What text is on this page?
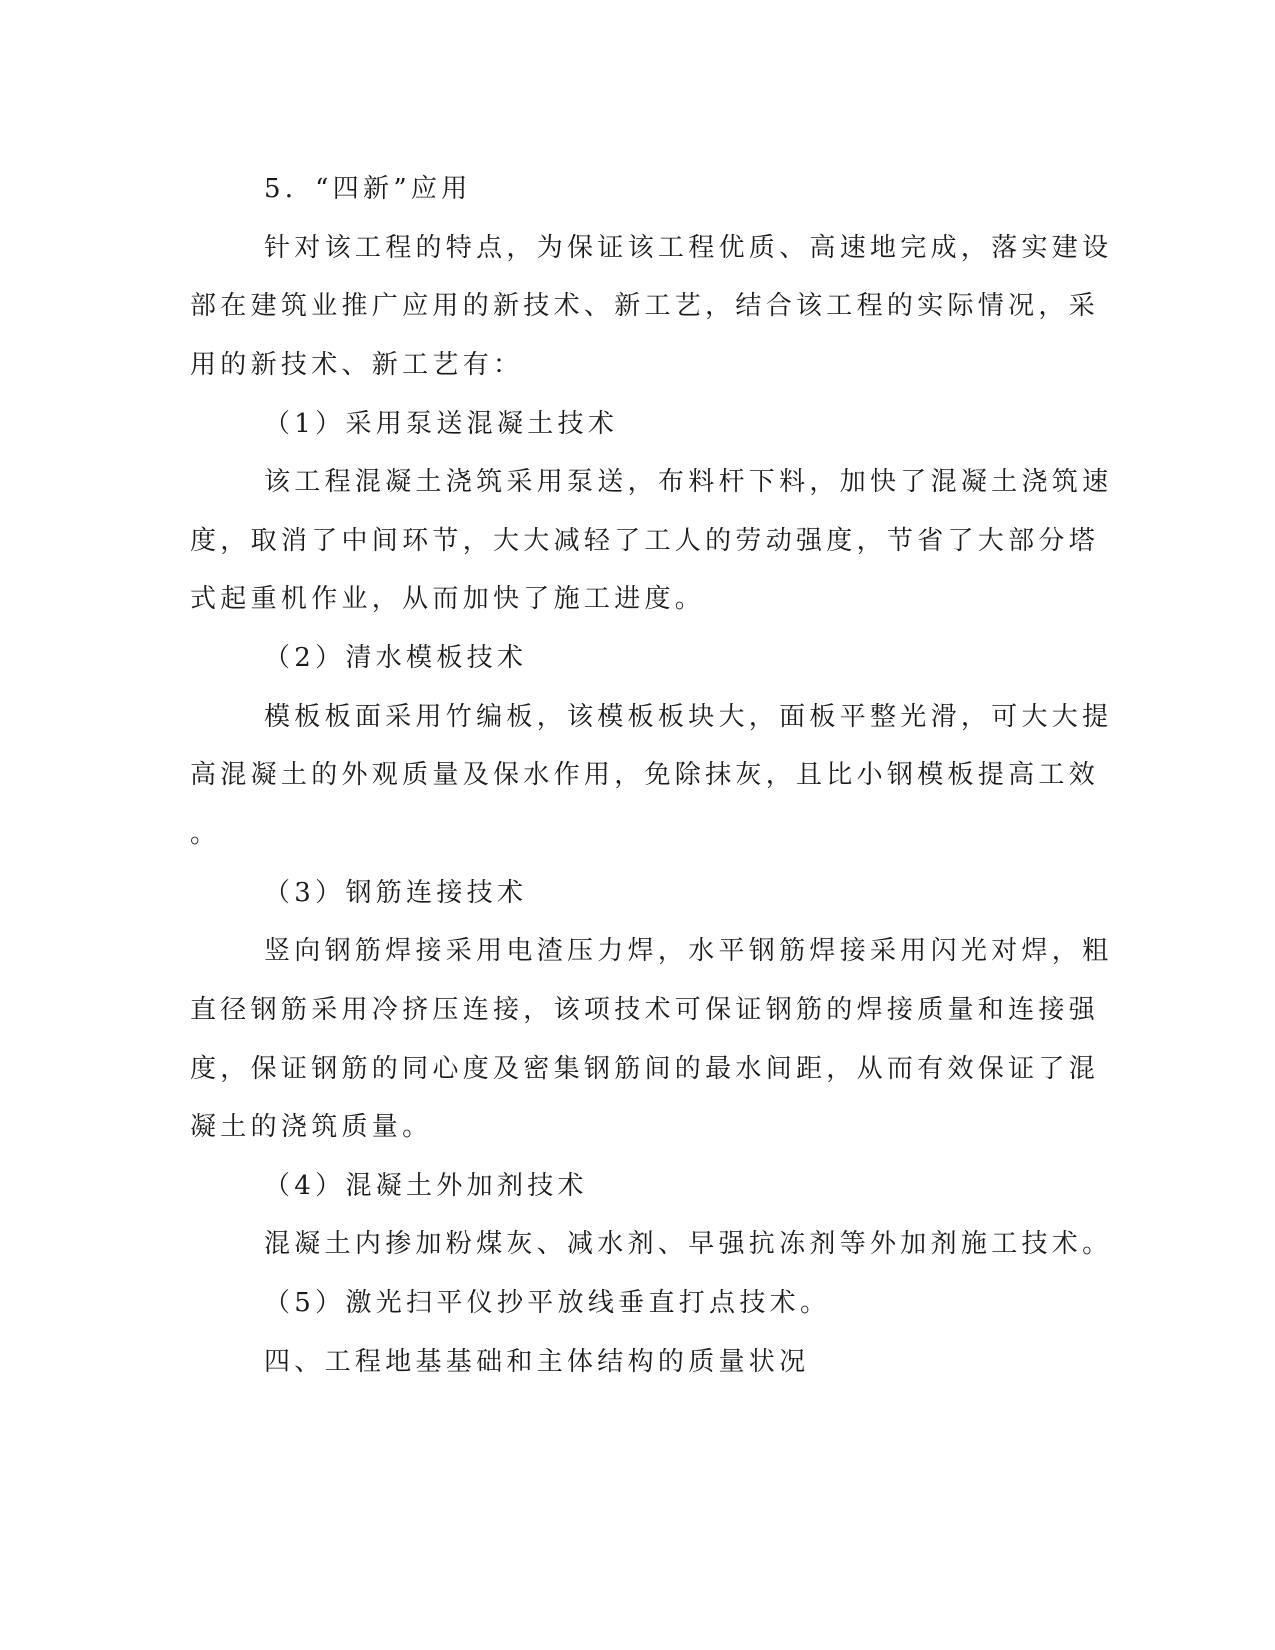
5．“四新”应用
针对该工程的特点，为保证该工程优质、高速地完成，落实建设
部在建筑业推广应用的新技术、新工艺，结合该工程的实际情况，采
用的新技术、新工艺有：
（1）采用泵送混凝土技术
该工程混凝土浇筑采用泵送，布料杆下料，加快了混凝土浇筑速
度，取消了中间环节，大大减轻了工人的劳动强度，节省了大部分塔
式起重机作业，从而加快了施工进度。
（2）清水模板技术
模板板面采用竹编板，该模板板块大，面板平整光滑，可大大提
高混凝土的外观质量及保水作用，免除抹灰，且比小钢模板提高工效
。
（3）钢筋连接技术
竖向钢筋焊接采用电渣压力焊，水平钢筋焊接采用闪光对焊，粗
直径钢筋采用冷挤压连接，该项技术可保证钢筋的焊接质量和连接强
度，保证钢筋的同心度及密集钢筋间的最水间距，从而有效保证了混
凝土的浇筑质量。
（4）混凝土外加剂技术
混凝土内掺加粉煤灰、减水剂、早强抗冻剂等外加剂施工技术。
（5）激光扫平仪抄平放线垂直打点技术。
四、工程地基基础和主体结构的质量状况
